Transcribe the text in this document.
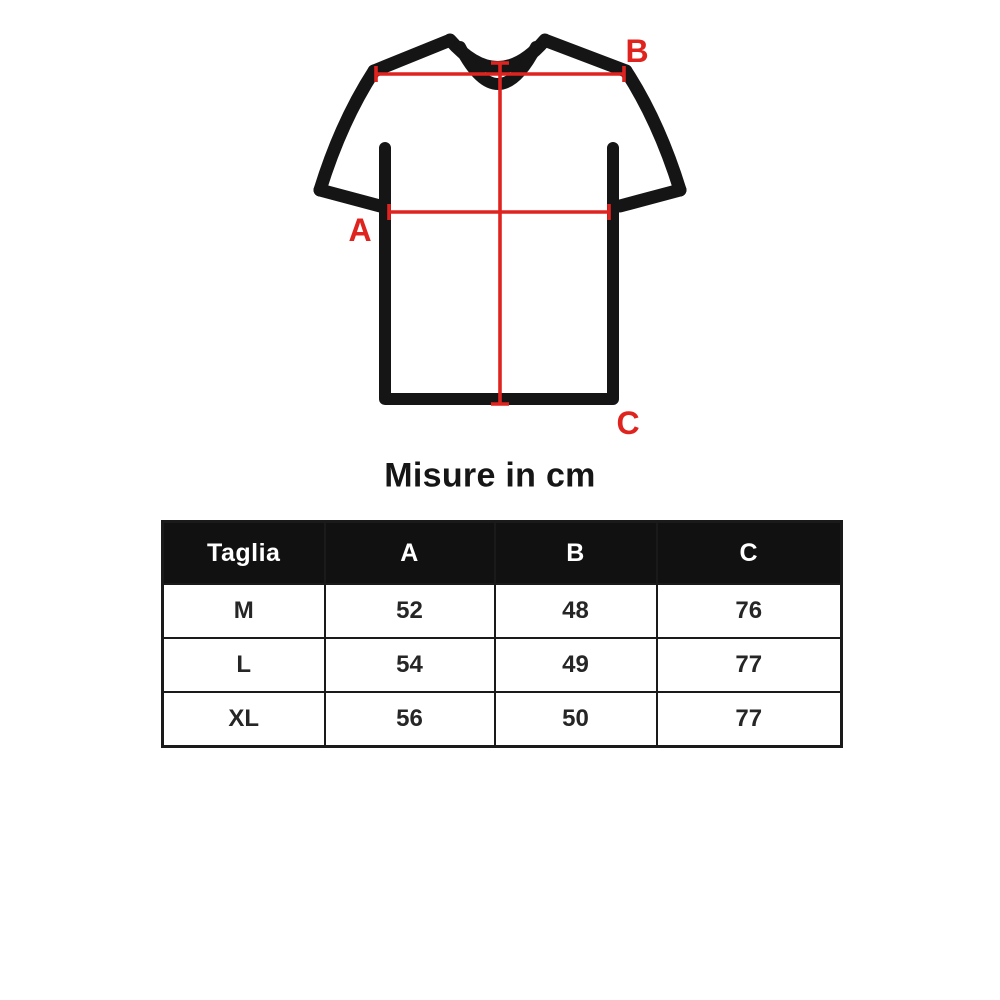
A
B
C
Misure in cm
Taglia	A	B	C
M	52	48	76
L	54	49	77
XL	56	50	77
